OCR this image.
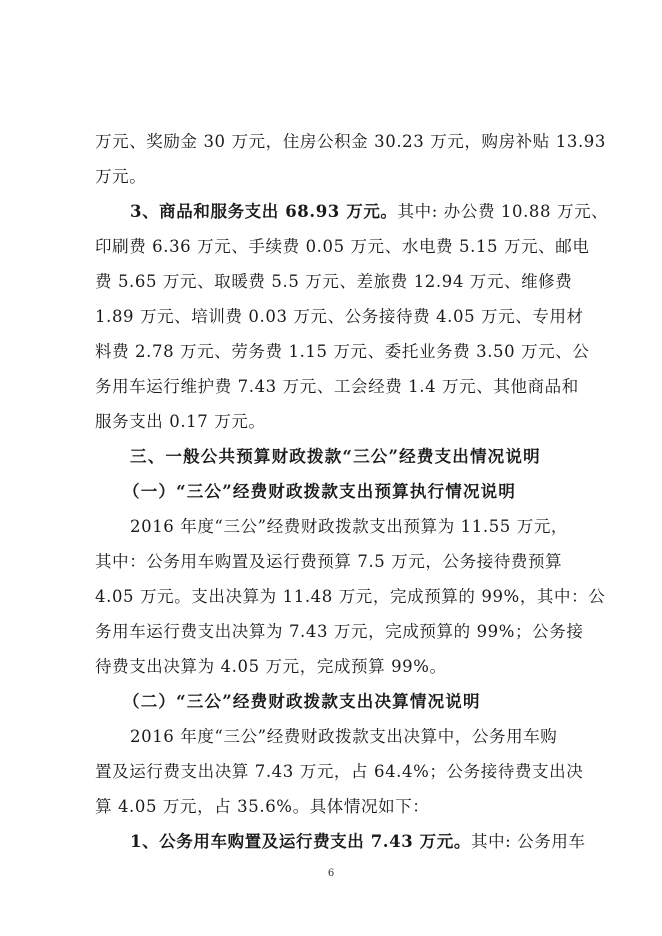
万元、奖励金 30 万元，住房公积金 30.23 万元，购房补贴 13.93
万元。
3、商品和服务支出 68.93 万元。其中: 办公费 10.88 万元、
印刷费 6.36 万元、手续费 0.05 万元、水电费 5.15 万元、邮电
费 5.65 万元、取暖费 5.5 万元、差旅费 12.94 万元、维修费
1.89 万元、培训费 0.03 万元、公务接待费 4.05 万元、专用材
料费 2.78 万元、劳务费 1.15 万元、委托业务费 3.50 万元、公
务用车运行维护费 7.43 万元、工会经费 1.4 万元、其他商品和
服务支出 0.17 万元。
三、一般公共预算财政拨款“三公”经费支出情况说明
（一）“三公”经费财政拨款支出预算执行情况说明
2016 年度“三公”经费财政拨款支出预算为 11.55 万元，
其中：公务用车购置及运行费预算 7.5 万元，公务接待费预算
4.05 万元。支出决算为 11.48 万元，完成预算的 99%，其中：公
务用车运行费支出决算为 7.43 万元，完成预算的 99%；公务接
待费支出决算为 4.05 万元，完成预算 99%。
（二）“三公”经费财政拨款支出决算情况说明
2016 年度“三公”经费财政拨款支出决算中，公务用车购
置及运行费支出决算 7.43 万元，占 64.4%；公务接待费支出决
算 4.05 万元，占 35.6%。具体情况如下：
1、公务用车购置及运行费支出 7.43 万元。其中: 公务用车
6
